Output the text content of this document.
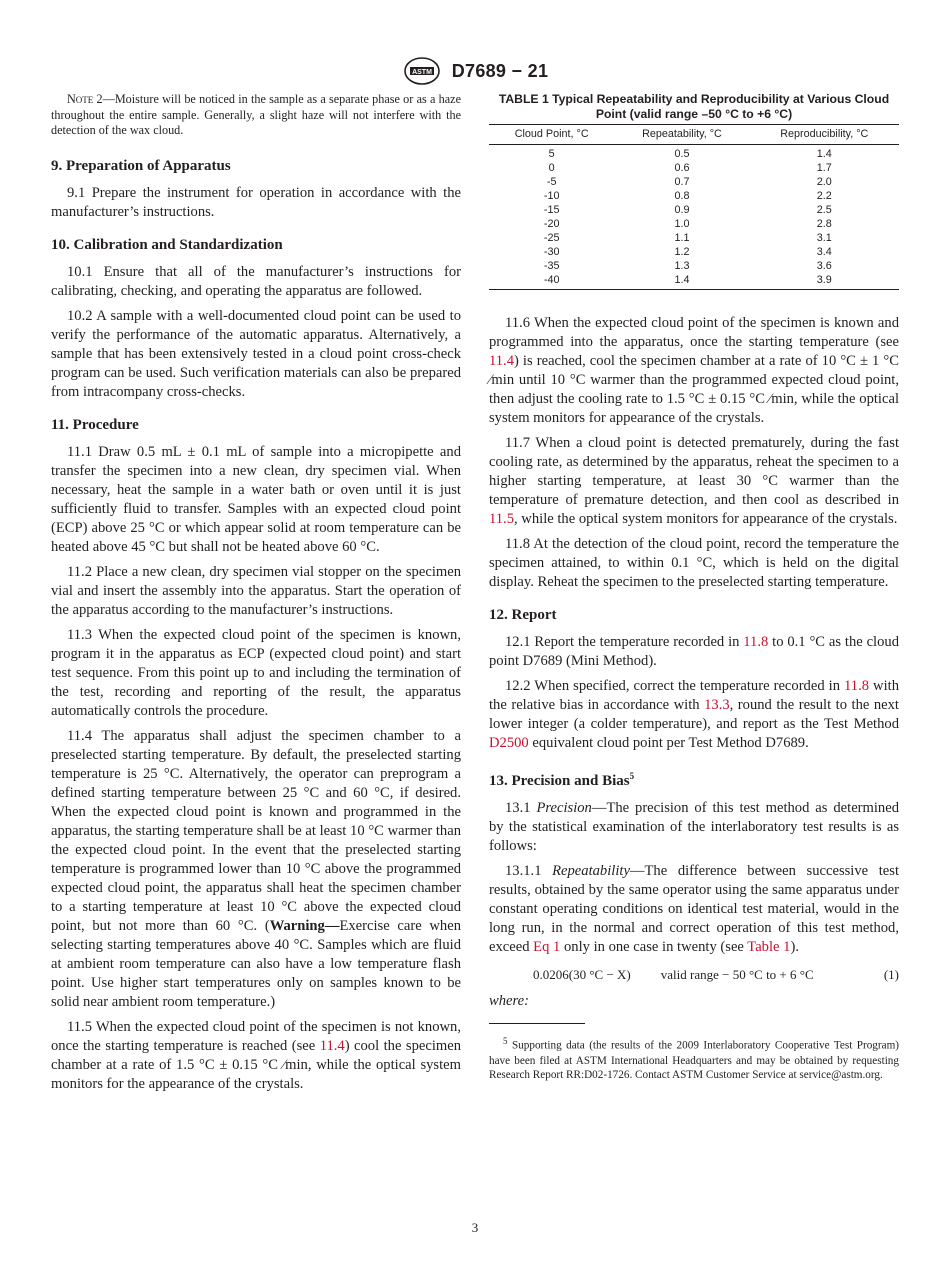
ASTM D7689 − 21

Note 2—Moisture will be noticed in the sample as a separate phase or as a haze throughout the entire sample. Generally, a slight haze will not interfere with the detection of the wax cloud.

9. Preparation of Apparatus

9.1 Prepare the instrument for operation in accordance with the manufacturer’s instructions.

10. Calibration and Standardization

10.1 Ensure that all of the manufacturer’s instructions for calibrating, checking, and operating the apparatus are followed.

10.2 A sample with a well-documented cloud point can be used to verify the performance of the automatic apparatus. Alternatively, a sample that has been extensively tested in a cloud point cross-check program can be used. Such verification materials can also be prepared from intracompany cross-checks.

11. Procedure

11.1 Draw 0.5 mL ± 0.1 mL of sample into a micropipette and transfer the specimen into a new clean, dry specimen vial. When necessary, heat the sample in a water bath or oven until it is just sufficiently fluid to transfer. Samples with an expected cloud point (ECP) above 25 °C or which appear solid at room temperature can be heated above 45 °C but shall not be heated above 60 °C.

11.2 Place a new clean, dry specimen vial stopper on the specimen vial and insert the assembly into the apparatus. Start the operation of the apparatus according to the manufacturer’s instructions.

11.3 When the expected cloud point of the specimen is known, program it in the apparatus as ECP (expected cloud point) and start test sequence. From this point up to and including the termination of the test, recording and reporting of the result, the apparatus automatically controls the procedure.

11.4 The apparatus shall adjust the specimen chamber to a preselected starting temperature. By default, the preselected starting temperature is 25 °C. Alternatively, the operator can preprogram a defined starting temperature between 25 °C and 60 °C, if desired. When the expected cloud point is known and programmed in the apparatus, the starting temperature shall be at least 10 °C warmer than the expected cloud point. In the event that the preselected starting temperature is programmed lower than 10 °C above the programmed expected cloud point, the apparatus shall heat the specimen chamber to a starting temperature at least 10 °C above the expected cloud point, but not more than 60 °C. (Warning—Exercise care when selecting starting temperatures above 40 °C. Samples which are fluid at ambient room temperature can also have a low temperature flash point. Use higher start temperatures only on samples known to be solid near ambient room temperature.)

11.5 When the expected cloud point of the specimen is not known, once the starting temperature is reached (see 11.4) cool the specimen chamber at a rate of 1.5 °C ± 0.15 °C ⁄min, while the optical system monitors for the appearance of the crystals.

TABLE 1 Typical Repeatability and Reproducibility at Various Cloud Point (valid range –50 °C to +6 °C)
Cloud Point, °C	Repeatability, °C	Reproducibility, °C
5	0.5	1.4
0	0.6	1.7
-5	0.7	2.0
-10	0.8	2.2
-15	0.9	2.5
-20	1.0	2.8
-25	1.1	3.1
-30	1.2	3.4
-35	1.3	3.6
-40	1.4	3.9

11.6 When the expected cloud point of the specimen is known and programmed into the apparatus, once the starting temperature (see 11.4) is reached, cool the specimen chamber at a rate of 10 °C ± 1 °C ⁄min until 10 °C warmer than the programmed expected cloud point, then adjust the cooling rate to 1.5 °C ± 0.15 °C ⁄min, while the optical system monitors for appearance of the crystals.

11.7 When a cloud point is detected prematurely, during the fast cooling rate, as determined by the apparatus, reheat the specimen to a higher starting temperature, at least 30 °C warmer than the temperature of premature detection, and then cool as described in 11.5, while the optical system monitors for appearance of the crystals.

11.8 At the detection of the cloud point, record the temperature the specimen attained, to within 0.1 °C, which is held on the digital display. Reheat the specimen to the preselected starting temperature.

12. Report

12.1 Report the temperature recorded in 11.8 to 0.1 °C as the cloud point D7689 (Mini Method).

12.2 When specified, correct the temperature recorded in 11.8 with the relative bias in accordance with 13.3, round the result to the next lower integer (a colder temperature), and report as the Test Method D2500 equivalent cloud point per Test Method D7689.

13. Precision and Bias$^5$

13.1 Precision—The precision of this test method as determined by the statistical examination of the interlaboratory test results is as follows:

13.1.1 Repeatability—The difference between successive test results, obtained by the same operator using the same apparatus under constant operating conditions on identical test material, would in the long run, in the normal and correct operation of this test method, exceed Eq 1 only in one case in twenty (see Table 1).

0.0206(30 °C − X) valid range − 50 °C to + 6 °C	(1)

where:

$^5$ Supporting data (the results of the 2009 Interlaboratory Cooperative Test Program) have been filed at ASTM International Headquarters and may be obtained by requesting Research Report RR:D02-1726. Contact ASTM Customer Service at service@astm.org.

3
